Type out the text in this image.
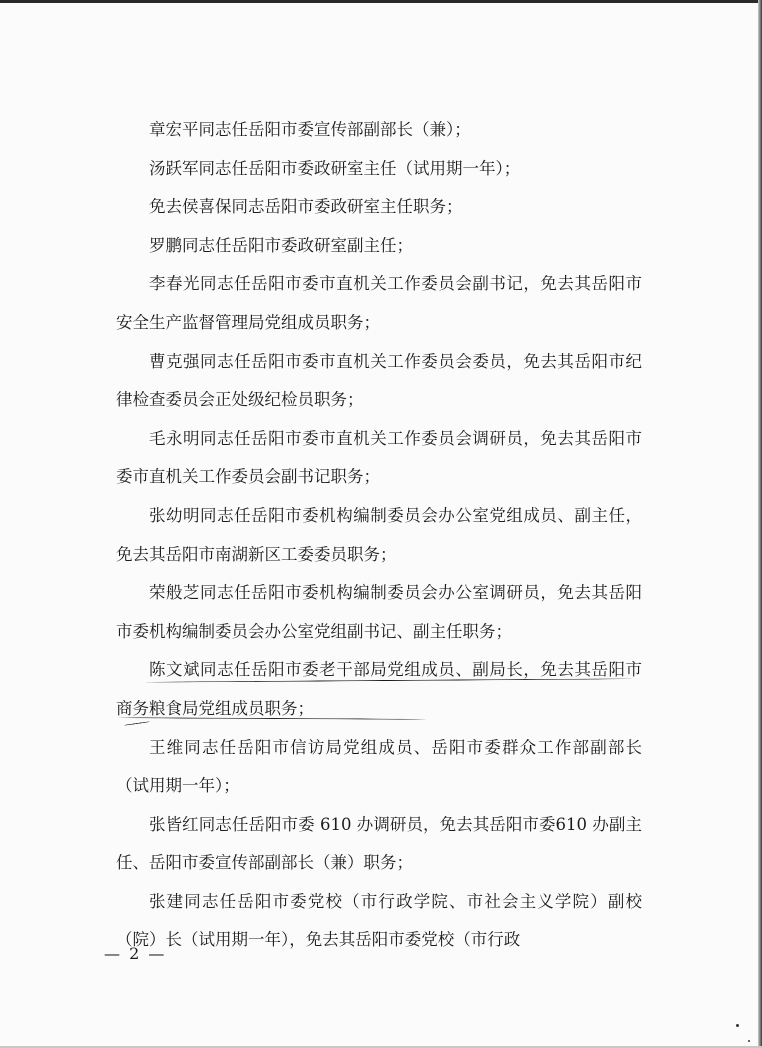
章宏平同志任岳阳市委宣传部副部长（兼）；

汤跃军同志任岳阳市委政研室主任（试用期一年）；

免去侯喜保同志岳阳市委政研室主任职务；

罗鹏同志任岳阳市委政研室副主任；

李春光同志任岳阳市委市直机关工作委员会副书记，免去其岳阳市安全生产监督管理局党组成员职务；

曹克强同志任岳阳市委市直机关工作委员会委员，免去其岳阳市纪律检查委员会正处级纪检员职务；

毛永明同志任岳阳市委市直机关工作委员会调研员，免去其岳阳市委市直机关工作委员会副书记职务；

张幼明同志任岳阳市委机构编制委员会办公室党组成员、副主任，免去其岳阳市南湖新区工委委员职务；

荣般芝同志任岳阳市委机构编制委员会办公室调研员，免去其岳阳市委机构编制委员会办公室党组副书记、副主任职务；

陈文斌同志任岳阳市委老干部局党组成员、副局长，免去其岳阳市商务粮食局党组成员职务；

王维同志任岳阳市信访局党组成员、岳阳市委群众工作部副部长（试用期一年）；

张皆红同志任岳阳市委 610 办调研员，免去其岳阳市委610 办副主任、岳阳市委宣传部副部长（兼）职务；

张建同志任岳阳市委党校（市行政学院、市社会主义学院）副校（院）长（试用期一年），免去其岳阳市委党校（市行政

— 2 —
